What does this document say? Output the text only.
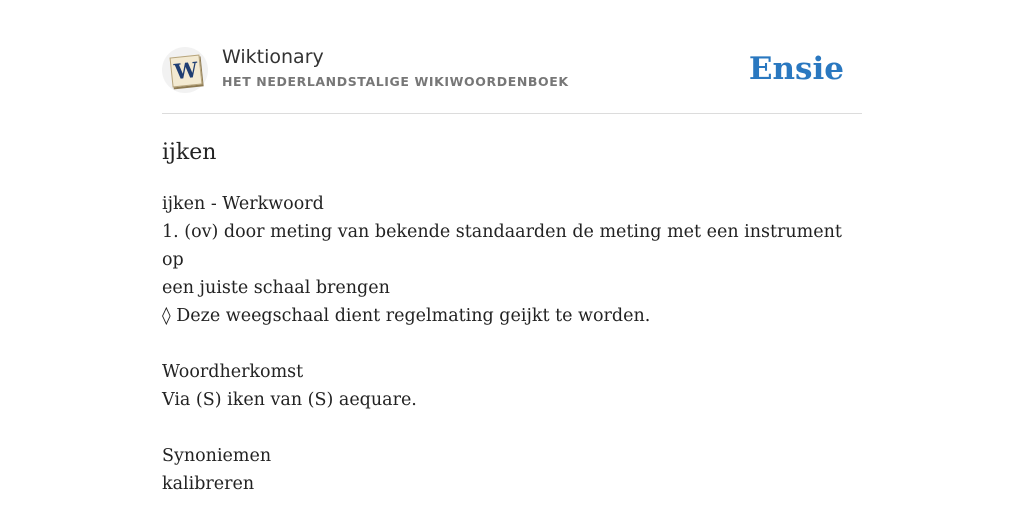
W Wiktionary
HET NEDERLANDSTALIGE WIKIWOORDENBOEK	Ensie
ijken
ijken - Werkwoord
1. (ov) door meting van bekende standaarden de meting met een instrument op
een juiste schaal brengen
◊ Deze weegschaal dient regelmating geijkt te worden.
Woordherkomst
Via (S) iken van (S) aequare.
Synoniemen
kalibreren
